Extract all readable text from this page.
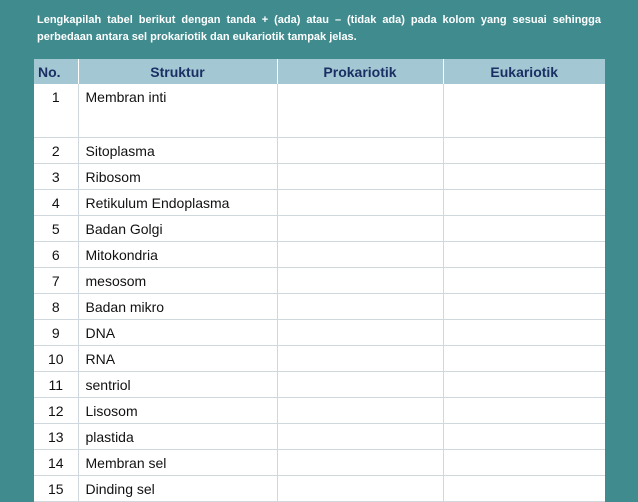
Lengkapilah tabel berikut dengan tanda + (ada) atau – (tidak ada) pada kolom yang sesuai sehingga perbedaan antara sel prokariotik dan eukariotik tampak jelas.
No.	Struktur	Prokariotik	Eukariotik
1	Membran inti		
2	Sitoplasma		
3	Ribosom		
4	Retikulum Endoplasma		
5	Badan Golgi		
6	Mitokondria		
7	mesosom		
8	Badan mikro		
9	DNA		
10	RNA		
11	sentriol		
12	Lisosom		
13	plastida		
14	Membran sel		
15	Dinding sel		
